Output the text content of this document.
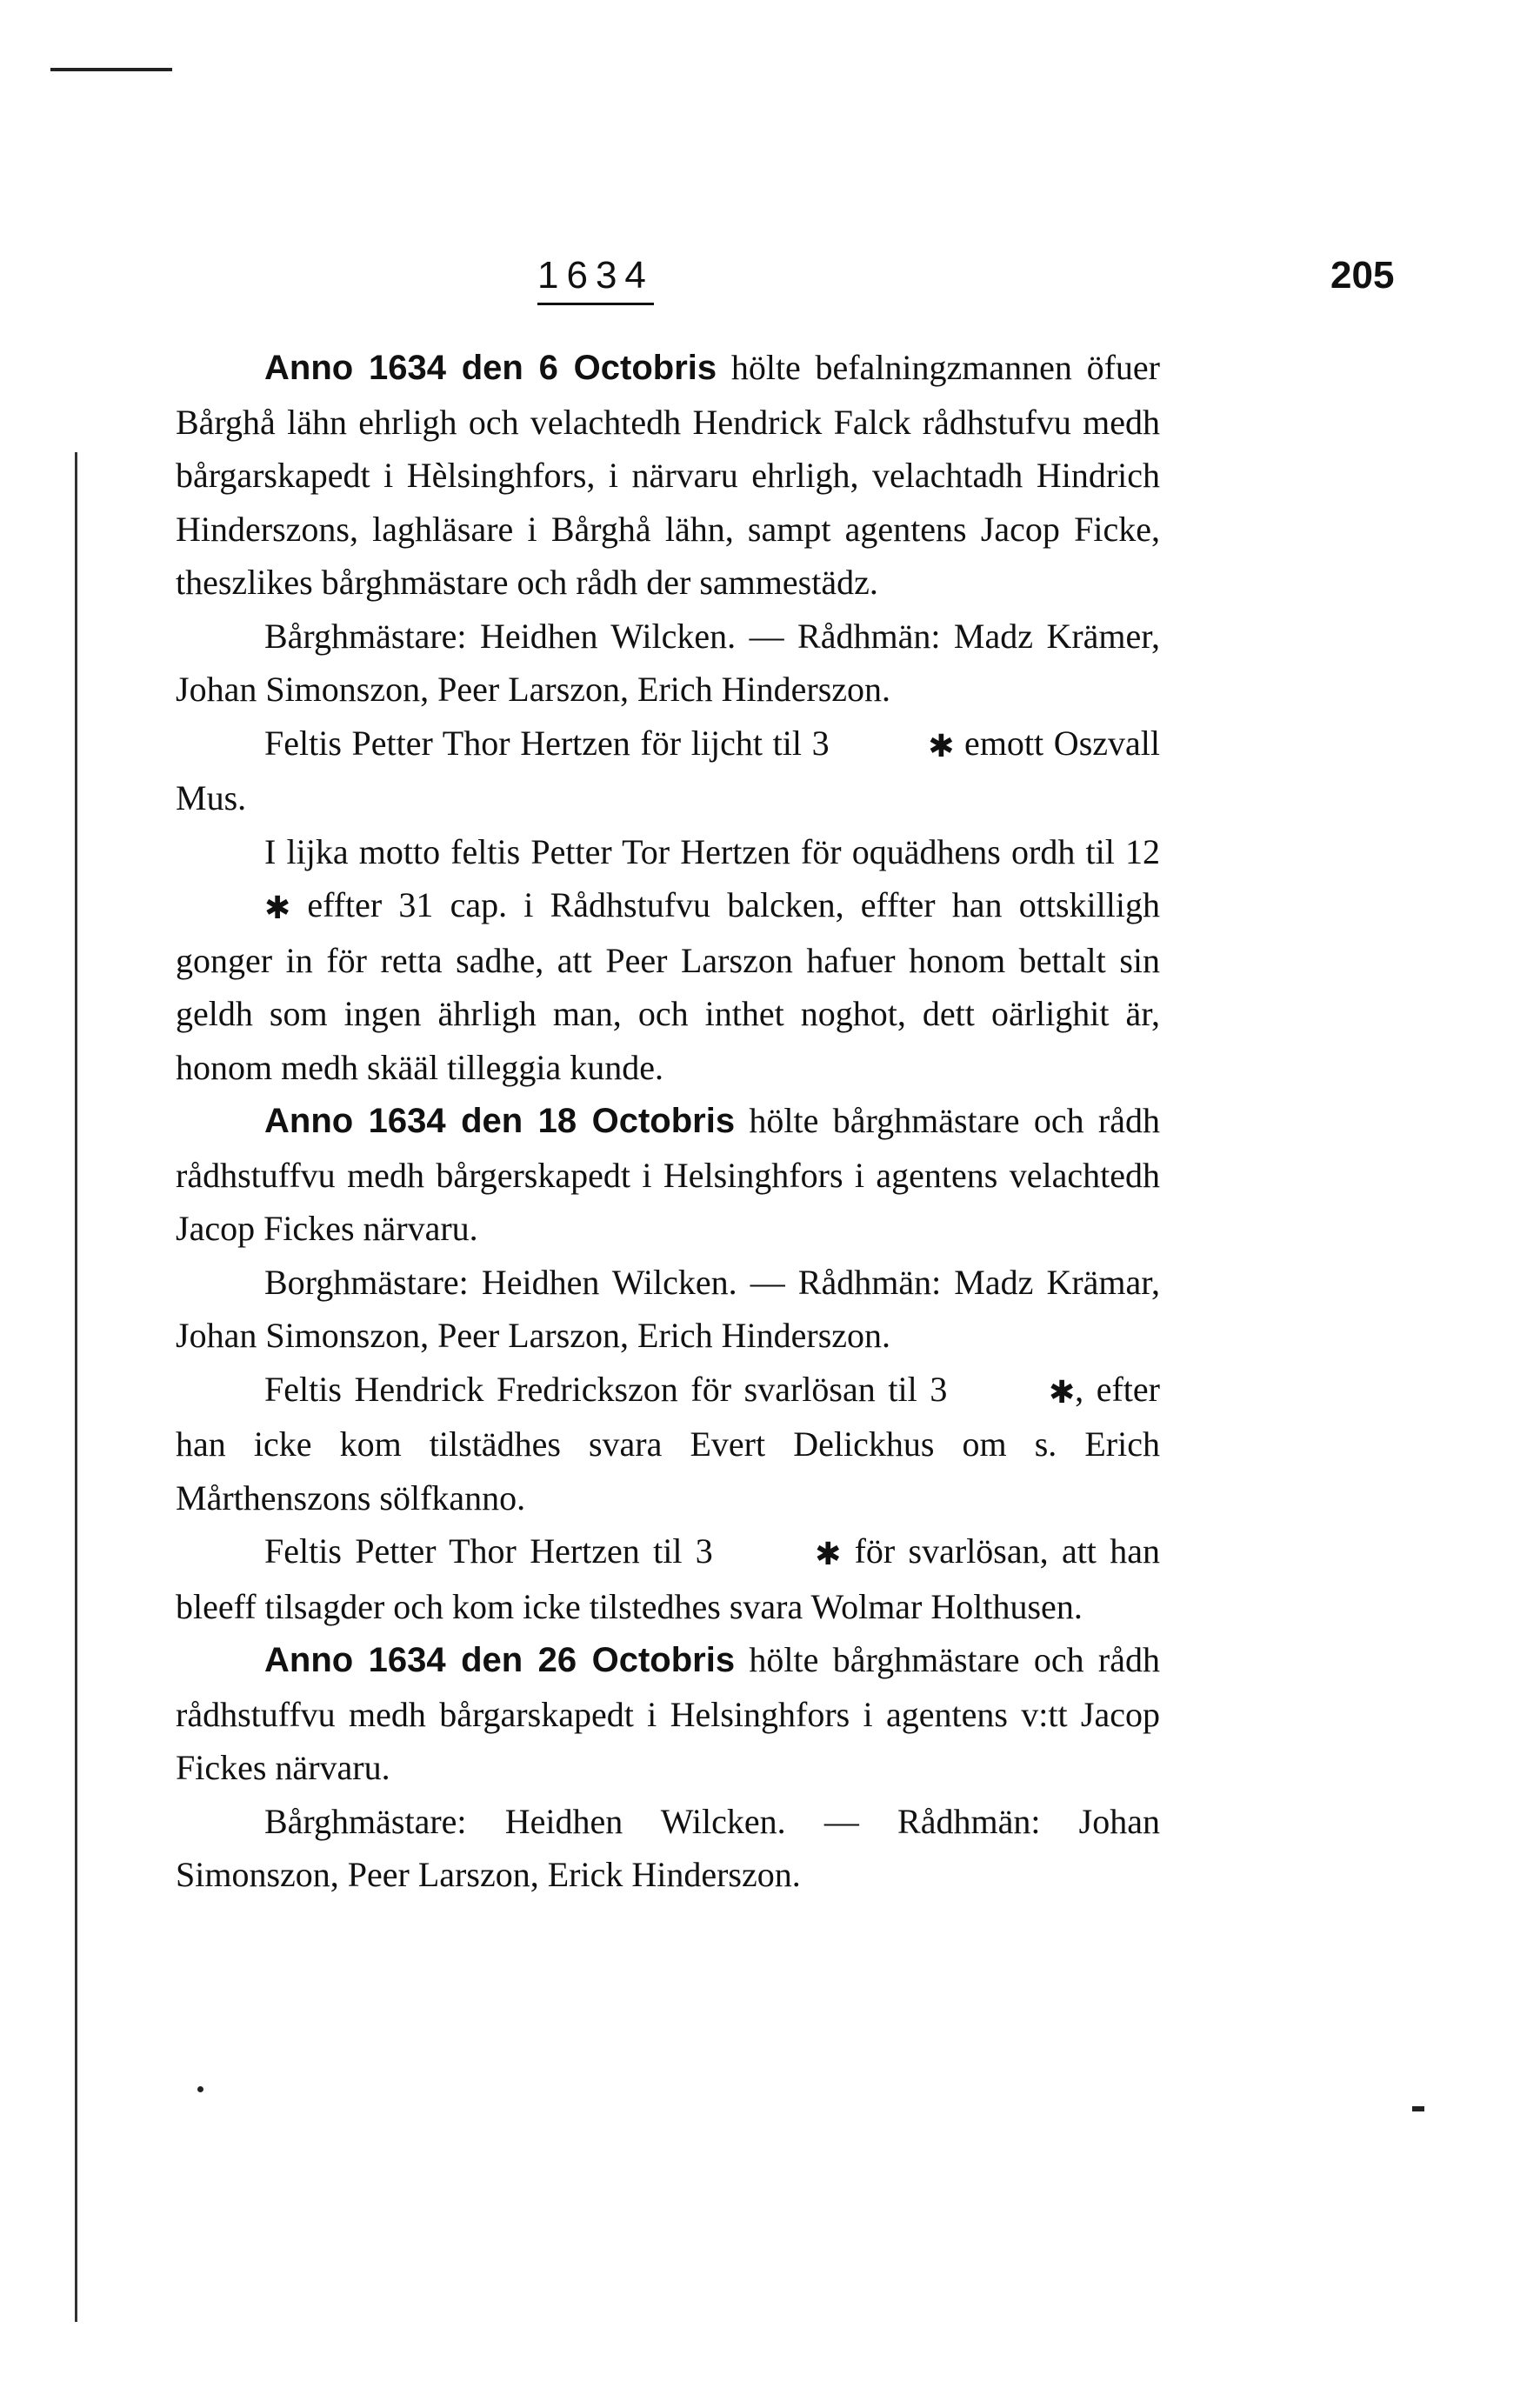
1634	205

Anno 1634 den 6 Octobris hölte befalningzmannen öfuer Bårghå lähn ehrligh och velachtedh Hendrick Falck rådhstufvu medh bårgarskapedt i Hèlsinghfors, i närvaru ehrligh, velachtadh Hindrich Hinderszons, laghläsare i Bårghå lähn, sampt agentens Jacop Ficke, theszlikes bårghmästare och rådh der sammestädz.

Bårghmästare: Heidhen Wilcken. — Rådhmän: Madz Krämer, Johan Simonszon, Peer Larszon, Erich Hinderszon.

Feltis Petter Thor Hertzen för lijcht til 3	✱ emott Oszvall Mus.

I lijka motto feltis Petter Tor Hertzen för oquädhens ordh til 12 ✱ effter 31 cap. i Rådhstufvu balcken, effter han ottskilligh gonger in för retta sadhe, att Peer Larszon hafuer honom bettalt sin geldh som ingen ährligh man, och inthet noghot, dett oärlighit är, honom medh skääl tilleggia kunde.

Anno 1634 den 18 Octobris hölte bårghmästare och rådh rådhstuffvu medh bårgerskapedt i Helsinghfors i agentens velachtedh Jacop Fickes närvaru.

Borghmästare: Heidhen Wilcken. — Rådhmän: Madz Krämar, Johan Simonszon, Peer Larszon, Erich Hinderszon.

Feltis Hendrick Fredrickszon för svarlösan til 3	✱, efter han icke kom tilstädhes svara Evert Delickhus om s. Erich Mårthenszons sölfkanno.

Feltis Petter Thor Hertzen til 3	✱ för svarlösan, att han bleeff tilsagder och kom icke tilstedhes svara Wolmar Holthusen.

Anno 1634 den 26 Octobris hölte bårghmästare och rådh rådhstuffvu medh bårgarskapedt i Helsinghfors i agentens v:tt Jacop Fickes närvaru.

Bårghmästare: Heidhen Wilcken. — Rådhmän: Johan Simonszon, Peer Larszon, Erick Hinderszon.
